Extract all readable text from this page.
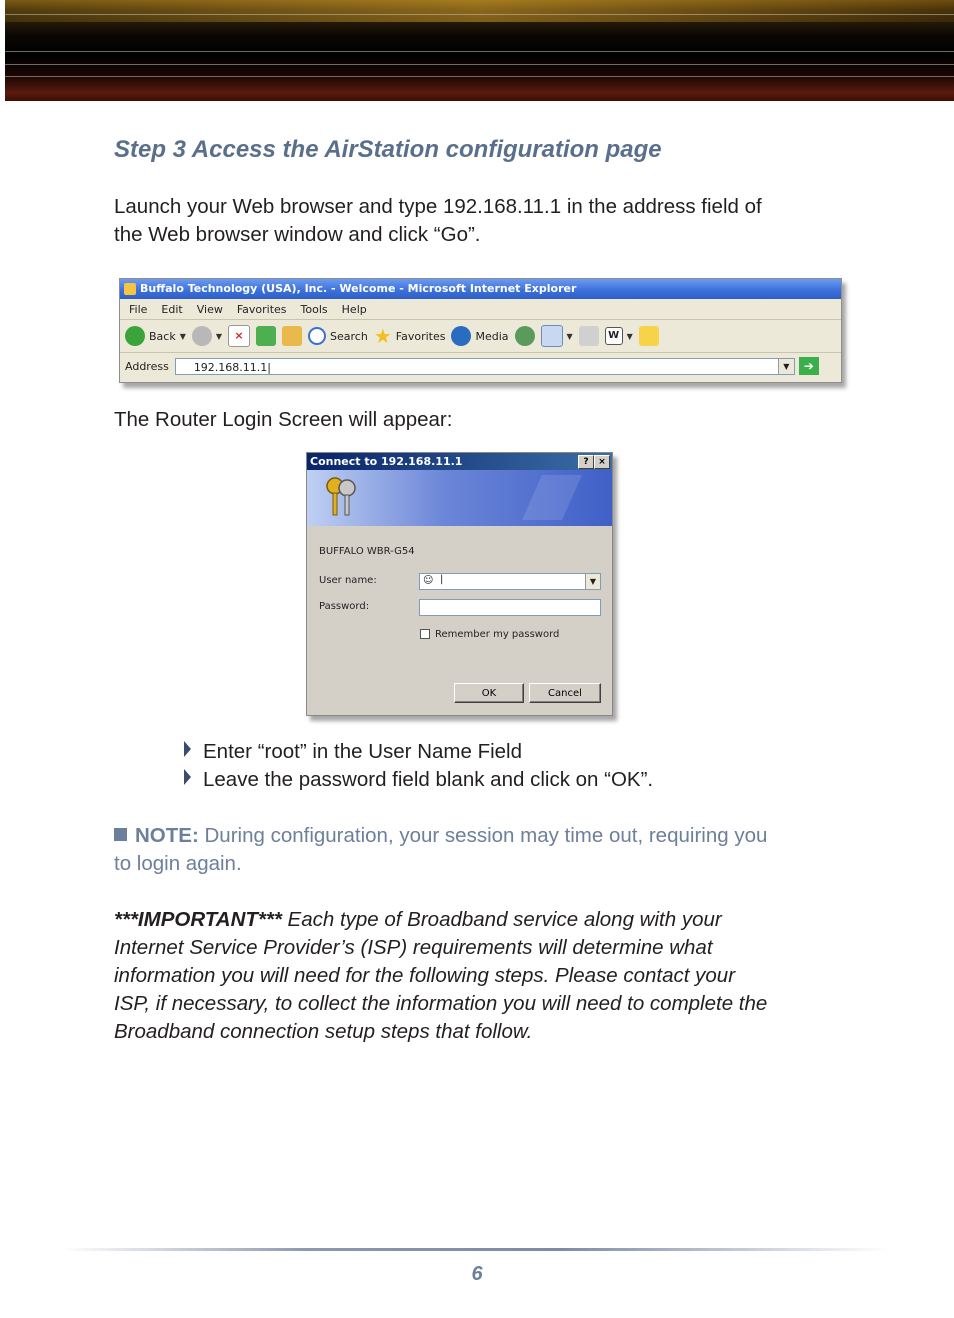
Step 3 Access the AirStation configuration page

Launch your Web browser and type 192.168.11.1 in the address field of
the Web browser window and click “Go”.

Buffalo Technology (USA), Inc. - Welcome - Microsoft Internet Explorer
File Edit View Favorites Tools Help
Back ▼	▼	×	Search ★ Favorites	Media	▼	W ▼
Address	192.168.11.1|	▼	➔

The Router Login Screen will appear:

Connect to 192.168.11.1	?	×
BUFFALO WBR-G54
User name:	☺ |	▼
Password:
Remember my password
OK	Cancel
Enter “root” in the User Name Field
Leave the password field blank and click on “OK”.

NOTE: During configuration, your session may time out, requiring you
to login again.

***IMPORTANT*** Each type of Broadband service along with your
Internet Service Provider’s (ISP) requirements will determine what
information you will need for the following steps. Please contact your
ISP, if necessary, to collect the information you will need to complete the
Broadband connection setup steps that follow.

6
